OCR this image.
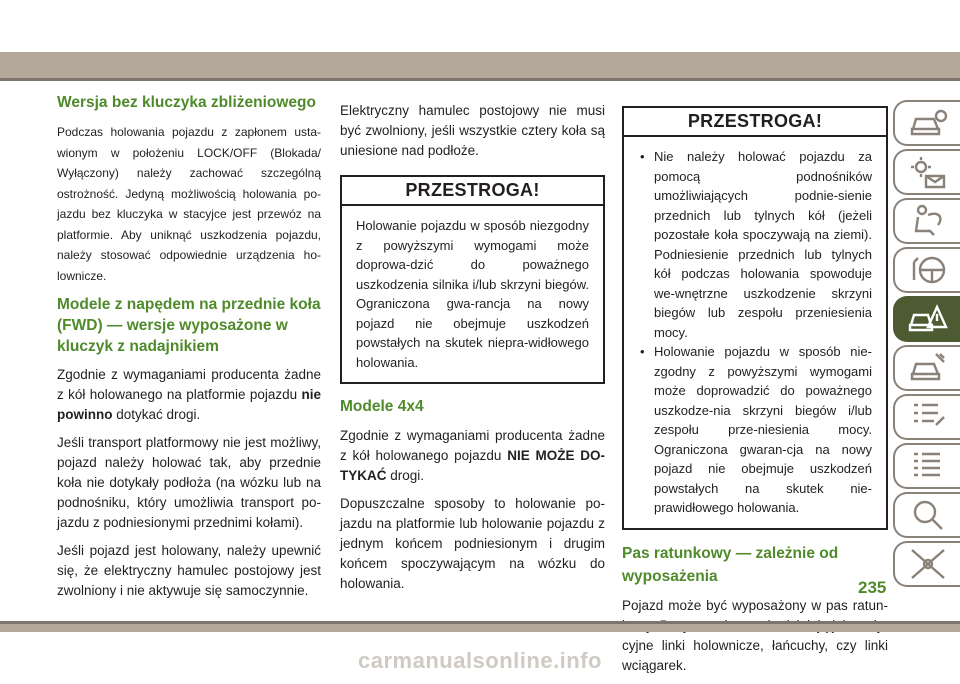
Wersja bez kluczyka zbliżeniowego

Podczas holowania pojazdu z zapłonem usta-wionym w położeniu LOCK/OFF (Blokada/ Wyłączony) należy zachować szczególną ostrożność. Jedyną możliwością holowania po-jazdu bez kluczyka w stacyjce jest przewóz na platformie. Aby uniknąć uszkodzenia pojazdu, należy stosować odpowiednie urządzenia ho-lownicze.

Modele z napędem na przednie koła (FWD) — wersje wyposażone w kluczyk z nadajnikiem

Zgodnie z wymaganiami producenta żadne z kół holowanego na platformie pojazdu nie powinno dotykać drogi.

Jeśli transport platformowy nie jest możliwy, pojazd należy holować tak, aby przednie koła nie dotykały podłoża (na wózku lub na podnośniku, który umożliwia transport po-jazdu z podniesionymi przednimi kołami).

Jeśli pojazd jest holowany, należy upewnić się, że elektryczny hamulec postojowy jest zwolniony i nie aktywuje się samoczynnie.

Elektryczny hamulec postojowy nie musi być zwolniony, jeśli wszystkie cztery koła są uniesione nad podłoże.

PRZESTROGA!
Holowanie pojazdu w sposób niezgodny z powyższymi wymogami może doprowa-dzić do poważnego uszkodzenia silnika i/lub skrzyni biegów. Ograniczona gwa-rancja na nowy pojazd nie obejmuje uszkodzeń powstałych na skutek niepra-widłowego holowania.
Modele 4x4

Zgodnie z wymaganiami producenta żadne z kół holowanego pojazdu NIE MOŻE DO-TYKAĆ drogi.

Dopuszczalne sposoby to holowanie po-jazdu na platformie lub holowanie pojazdu z jednym końcem podniesionym i drugim końcem spoczywającym na wózku do holowania.

PRZESTROGA!
• Nie należy holować pojazdu za pomocą podnośników umożliwiających podnie-sienie przednich lub tylnych kół (jeżeli pozostałe koła spoczywają na ziemi). Podniesienie przednich lub tylnych kół podczas holowania spowoduje we-wnętrzne uszkodzenie skrzyni biegów lub zespołu przeniesienia mocy.
• Holowanie pojazdu w sposób nie-zgodny z powyższymi wymogami może doprowadzić do poważnego uszkodze-nia skrzyni biegów i/lub zespołu prze-niesienia mocy. Ograniczona gwaran-cja na nowy pojazd nie obejmuje uszkodzeń powstałych na skutek nie-prawidłowego holowania.
Pas ratunkowy — zależnie od wyposażenia

Pojazd może być wyposażony w pas ratun- cyjne linki holownicze, łańcuchy, czy linki wciągarek.

235
carmanualsonline.info
